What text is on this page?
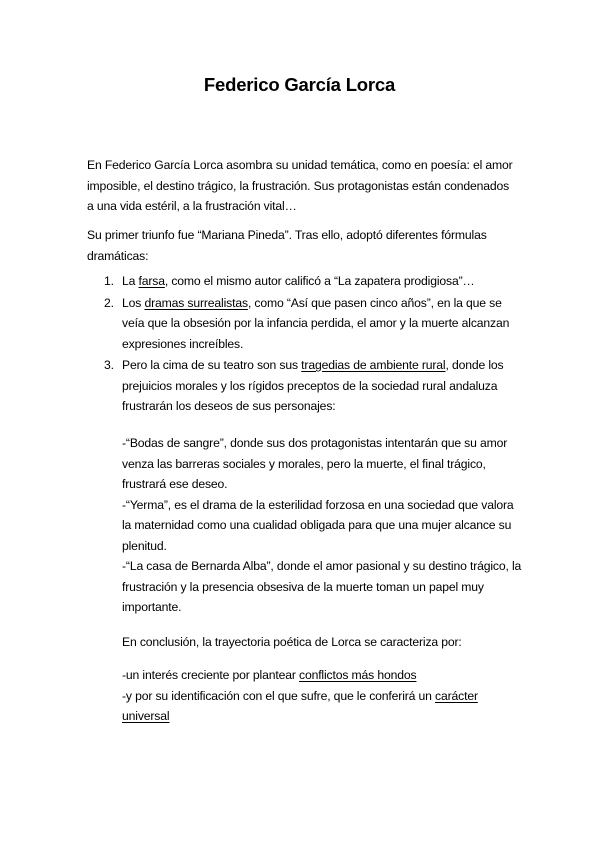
Federico García Lorca

En Federico García Lorca asombra su unidad temática, como en poesía: el amor imposible, el destino trágico, la frustración. Sus protagonistas están condenados a una vida estéril, a la frustración vital…

Su primer triunfo fue “Mariana Pineda”. Tras ello, adoptó diferentes fórmulas dramáticas:

1. La farsa, como el mismo autor calificó a “La zapatera prodigiosa”…
2. Los dramas surrealistas, como “Así que pasen cinco años”, en la que se veía que la obsesión por la infancia perdida, el amor y la muerte alcanzan expresiones increíbles.
3. Pero la cima de su teatro son sus tragedias de ambiente rural, donde los prejuicios morales y los rígidos preceptos de la sociedad rural andaluza frustrarán los deseos de sus personajes:
-“Bodas de sangre”, donde sus dos protagonistas intentarán que su amor venza las barreras sociales y morales, pero la muerte, el final trágico, frustrará ese deseo.
-“Yerma”, es el drama de la esterilidad forzosa en una sociedad que valora la maternidad como una cualidad obligada para que una mujer alcance su plenitud.
-“La casa de Bernarda Alba”, donde el amor pasional y su destino trágico, la frustración y la presencia obsesiva de la muerte toman un papel muy importante.

En conclusión, la trayectoria poética de Lorca se caracteriza por:

-un interés creciente por plantear conflictos más hondos
-y por su identificación con el que sufre, que le conferirá un carácter universal
